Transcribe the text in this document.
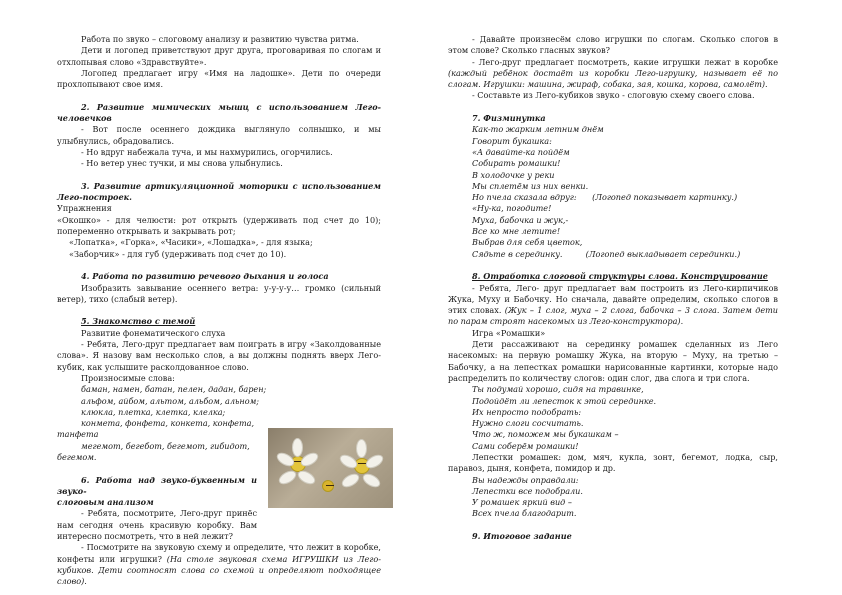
Работа по звуко – слоговому анализу и развитию чувства ритма.

Дети и логопед приветствуют друг друга, проговаривая по слогам и отхлопывая слово «Здравствуйте».

Логопед предлагает игру «Имя на ладошке». Дети по очереди прохлопывают свое имя.

2. Развитие мимических мышц с использованием Лего-человечков

- Вот после осеннего дождика выглянуло солнышко, и мы улыбнулись, обрадовались.

- Но вдруг набежала туча, и мы нахмурились, огорчились.

- Но ветер унес тучки, и мы снова улыбнулись.

3. Развитие артикуляционной моторики с использованием Лего-построек.

Упражнения

«Окошко» - для челюсти: рот открыть (удерживать под счет до 10); попеременно открывать и закрывать рот;

«Лопатка», «Горка», «Часики», «Лошадка», - для языка;

«Заборчик» - для губ (удерживать под счет до 10).

4. Работа по развитию речевого дыхания и голоса

Изобразить завывание осеннего ветра: у-у-у-у… громко (сильный ветер), тихо (слабый ветер).

5. Знакомство с темой

Развитие фонематического слуха

- Ребята, Лего-друг предлагает вам поиграть в игру «Заколдованные слова». Я назову вам несколько слов, а вы должны поднять вверх Лего-кубик, как услышите расколдованное слово.

Произносимые слова:

баман, намен, батан, пелен, дадан, барен;

альфом, айбом, альтом, альбом, альном;

клюкла, плетка, клетка, клелка;

конмета, фонфета, конкета, конфета,

танфета

мегемот, бегебот, бегемот, гибидот,

бегемом.

6. Работа над звуко-буквенным и звуко-

слоговым анализом

- Ребята, посмотрите, Лего-друг принёс нам сегодня очень красивую коробку. Вам интересно посмотреть, что в ней лежит?

- Посмотрите на звуковую схему и определите, что лежит в коробке, конфеты или игрушки? (На столе звуковая схема ИГРУШКИ из Лего-кубиков. Дети соотносят слова со схемой и определяют подходящее слово).

- Давайте произнесём слово игрушки по слогам. Сколько слогов в этом слове? Сколько гласных звуков?

- Лего-друг предлагает посмотреть, какие игрушки лежат в коробке (каждый ребёнок достаёт из коробки Лего-игрушку, называет её по слогам. Игрушки: машина, жираф, собака, зая, кошка, корова, самолёт).

- Составьте из Лего-кубиков звуко - слоговую схему своего слова.

7. Физминутка

Как-то жарким летним днём

Говорит букашка:

«А давайте-ка пойдём

Собирать ромашки!

В холодочке у реки

Мы сплетём из них венки.

Но пчела сказала вдруг: (Логопед показывает картинку.)

«Ну-ка, погодите!

Муха, бабочка и жук,-

Все ко мне летите!

Выбрав для себя цветок,

Сядьте в серединку.	(Логопед выкладывает серединки.)

8. Отработка слоговой структуры слова. Конструирование

- Ребята, Лего- друг предлагает вам построить из Лего-кирпичиков Жука, Муху и Бабочку. Но сначала, давайте определим, сколько слогов в этих словах. (Жук – 1 слог, муха – 2 слога, бабочка – 3 слога. Затем дети по парам строят насекомых из Лего-конструктора).

Игра «Ромашки»

Дети рассаживают на серединку ромашек сделанных из Лего насекомых: на первую ромашку Жука, на вторую – Муху, на третью – Бабочку, а на лепестках ромашки нарисованные картинки, которые надо распределить по количеству слогов: один слог, два слога и три слога.

Ты подумай хорошо, сидя на травинке,

Подойдёт ли лепесток к этой серединке.

Их непросто подобрать:

Нужно слоги сосчитать.

Что ж, поможем мы букашкам –

Сами соберём ромашки!

Лепестки ромашек: дом, мяч, кукла, зонт, бегемот, лодка, сыр, паравоз, дыня, конфета, помидор и др.

Вы надежды оправдали:

Лепестки все подобрали.

У ромашек яркий вид –

Всех пчела благодарит.

9. Итоговое задание
